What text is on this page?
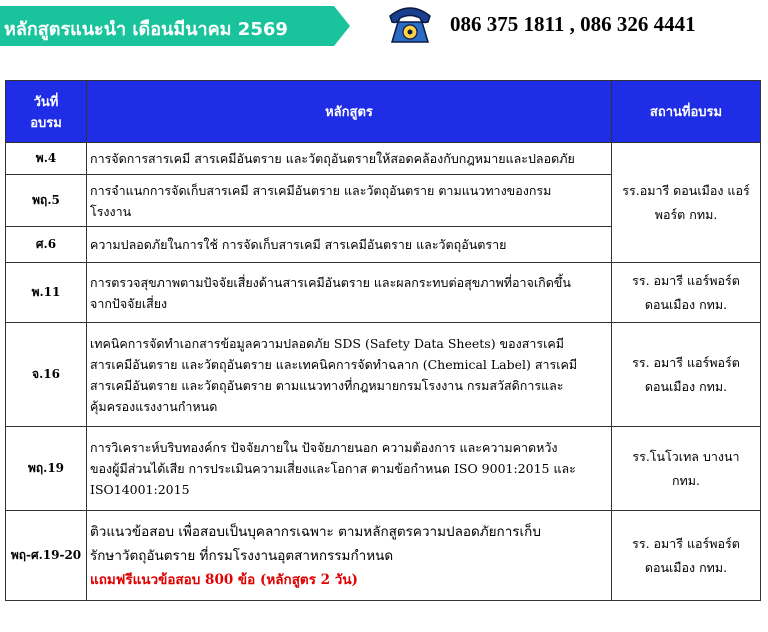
หลักสูตรแนะนำ เดือนมีนาคม 2569	086 375 1811 , 086 326 4441
วันที่
อบรม	หลักสูตร	สถานที่อบรม
พ.4	การจัดการสารเคมี สารเคมีอันตราย และวัตถุอันตรายให้สอดคล้องกับกฎหมายและปลอดภัย	รร.อมารี ดอนเมือง แอร์
พอร์ต กทม.

พฤ.5	การจำแนกการจัดเก็บสารเคมี สารเคมีอันตราย และวัตถุอันตราย ตามแนวทางของกรม
โรงงาน	

ศ.6	ความปลอดภัยในการใช้ การจัดเก็บสารเคมี สารเคมีอันตราย และวัตถุอันตราย	
พ.11	การตรวจสุขภาพตามปัจจัยเสี่ยงด้านสารเคมีอันตราย และผลกระทบต่อสุขภาพที่อาจเกิดขึ้น
จากปัจจัยเสี่ยง	รร. อมารี แอร์พอร์ต
ดอนเมือง กทม.

จ.16	เทคนิคการจัดทำเอกสารข้อมูลความปลอดภัย SDS (Safety Data Sheets) ของสารเคมี
สารเคมีอันตราย และวัตถุอันตราย และเทคนิคการจัดทำฉลาก (Chemical Label) สารเคมี
สารเคมีอันตราย และวัตถุอันตราย ตามแนวทางที่กฎหมายกรมโรงงาน กรมสวัสดิการและ
คุ้มครองแรงงานกำหนด	รร. อมารี แอร์พอร์ต
ดอนเมือง กทม.

พฤ.19	การวิเคราะห์บริบทองค์กร ปัจจัยภายใน ปัจจัยภายนอก ความต้องการ และความคาดหวัง
ของผู้มีส่วนได้เสีย การประเมินความเสี่ยงและโอกาส ตามข้อกำหนด ISO 9001:2015 และ
ISO14001:2015	รร.โนโวเทล บางนา
กทม.

พฤ-ศ.19-20	ติวแนวข้อสอบ เพื่อสอบเป็นบุคลากรเฉพาะ ตามหลักสูตรความปลอดภัยการเก็บ
รักษาวัตถุอันตราย ที่กรมโรงงานอุตสาหกรรมกำหนด
แถมฟรีแนวข้อสอบ 800 ข้อ (หลักสูตร 2 วัน)	รร. อมารี แอร์พอร์ต
ดอนเมือง กทม.
